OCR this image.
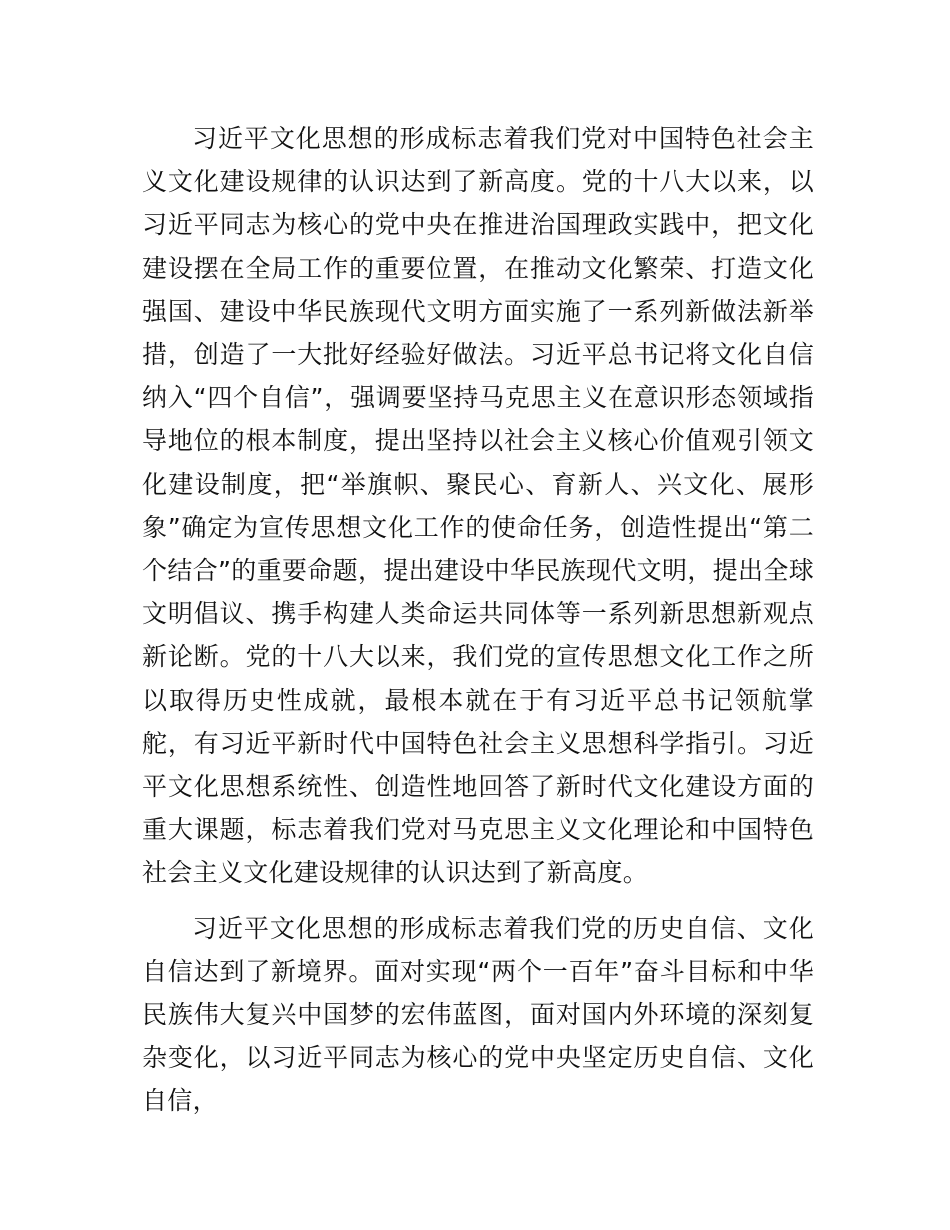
习近平文化思想的形成标志着我们党对中国特色社会主义文化建设规律的认识达到了新高度。党的十八大以来，以习近平同志为核心的党中央在推进治国理政实践中，把文化建设摆在全局工作的重要位置，在推动文化繁荣、打造文化强国、建设中华民族现代文明方面实施了一系列新做法新举措，创造了一大批好经验好做法。习近平总书记将文化自信纳入“四个自信”，强调要坚持马克思主义在意识形态领域指导地位的根本制度，提出坚持以社会主义核心价值观引领文化建设制度，把“举旗帜、聚民心、育新人、兴文化、展形象”确定为宣传思想文化工作的使命任务，创造性提出“第二个结合”的重要命题，提出建设中华民族现代文明，提出全球文明倡议、携手构建人类命运共同体等一系列新思想新观点新论断。党的十八大以来，我们党的宣传思想文化工作之所以取得历史性成就，最根本就在于有习近平总书记领航掌舵，有习近平新时代中国特色社会主义思想科学指引。习近平文化思想系统性、创造性地回答了新时代文化建设方面的重大课题，标志着我们党对马克思主义文化理论和中国特色社会主义文化建设规律的认识达到了新高度。

习近平文化思想的形成标志着我们党的历史自信、文化自信达到了新境界。面对实现“两个一百年”奋斗目标和中华民族伟大复兴中国梦的宏伟蓝图，面对国内外环境的深刻复杂变化，以习近平同志为核心的党中央坚定历史自信、文化自信，
